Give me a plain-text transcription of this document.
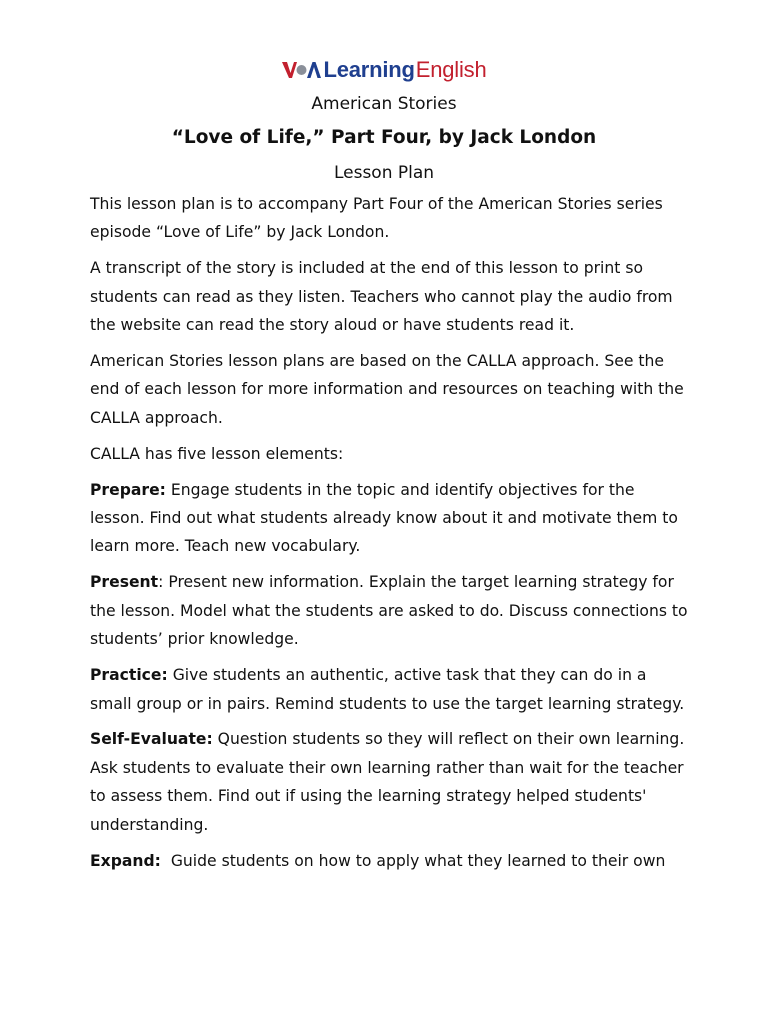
Learning English
American Stories
“Love of Life,” Part Four, by Jack London
Lesson Plan

This lesson plan is to accompany Part Four of the American Stories series episode “Love of Life” by Jack London.

A transcript of the story is included at the end of this lesson to print so students can read as they listen. Teachers who cannot play the audio from the website can read the story aloud or have students read it.

American Stories lesson plans are based on the CALLA approach. See the end of each lesson for more information and resources on teaching with the CALLA approach.

CALLA has five lesson elements:

Prepare: Engage students in the topic and identify objectives for the lesson. Find out what students already know about it and motivate them to learn more. Teach new vocabulary.

Present: Present new information. Explain the target learning strategy for the lesson. Model what the students are asked to do. Discuss connections to students’ prior knowledge.

Practice: Give students an authentic, active task that they can do in a small group or in pairs. Remind students to use the target learning strategy.

Self-Evaluate: Question students so they will reflect on their own learning. Ask students to evaluate their own learning rather than wait for the teacher to assess them. Find out if using the learning strategy helped students' understanding.

Expand:  Guide students on how to apply what they learned to their own
